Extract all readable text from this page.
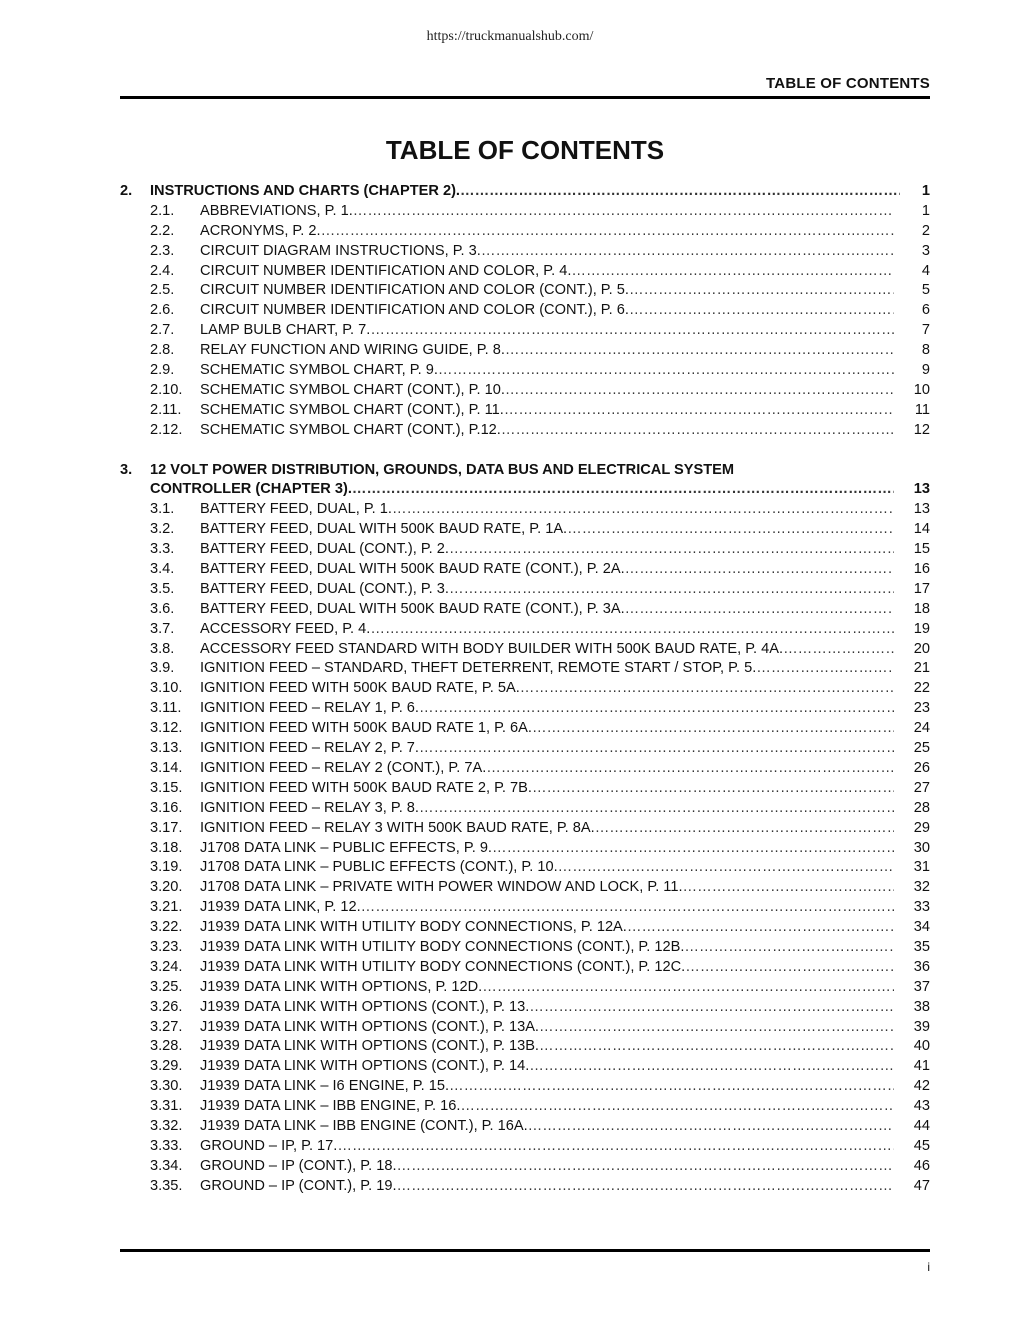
https://truckmanualshub.com/
TABLE OF CONTENTS
TABLE OF CONTENTS
2. INSTRUCTIONS AND CHARTS (CHAPTER 2). ………………………………………………………………………………………………………………………………………………………………………………………………………………………………………………………………………	1
2.1. ABBREVIATIONS, P. 1. ………………………………………………………………………………………………………………………………………………………………………………………………………………………………………………………………………	1
2.2. ACRONYMS, P. 2. ………………………………………………………………………………………………………………………………………………………………………………………………………………………………………………………………………	2
2.3. CIRCUIT DIAGRAM INSTRUCTIONS, P. 3. ………………………………………………………………………………………………………………………………………………………………………………………………………………………………………………………………………	3
2.4. CIRCUIT NUMBER IDENTIFICATION AND COLOR, P. 4. ………………………………………………………………………………………………………………………………………………………………………………………………………………………………………………………………………	4
2.5. CIRCUIT NUMBER IDENTIFICATION AND COLOR (CONT.), P. 5. ………………………………………………………………………………………………………………………………………………………………………………………………………………………………………………………………………	5
2.6. CIRCUIT NUMBER IDENTIFICATION AND COLOR (CONT.), P. 6. ………………………………………………………………………………………………………………………………………………………………………………………………………………………………………………………………………	6
2.7. LAMP BULB CHART, P. 7. ………………………………………………………………………………………………………………………………………………………………………………………………………………………………………………………………………	7
2.8. RELAY FUNCTION AND WIRING GUIDE, P. 8. ………………………………………………………………………………………………………………………………………………………………………………………………………………………………………………………………………	8
2.9. SCHEMATIC SYMBOL CHART, P. 9. ………………………………………………………………………………………………………………………………………………………………………………………………………………………………………………………………………	9
2.10. SCHEMATIC SYMBOL CHART (CONT.), P. 10. ………………………………………………………………………………………………………………………………………………………………………………………………………………………………………………………………………	10
2.11. SCHEMATIC SYMBOL CHART (CONT.), P. 11. ………………………………………………………………………………………………………………………………………………………………………………………………………………………………………………………………………	11
2.12. SCHEMATIC SYMBOL CHART (CONT.), P.12. ………………………………………………………………………………………………………………………………………………………………………………………………………………………………………………………………………	12
3. 12 VOLT POWER DISTRIBUTION, GROUNDS, DATA BUS AND ELECTRICAL SYSTEM
CONTROLLER (CHAPTER 3). ………………………………………………………………………………………………………………………………………………………………………………………………………………………………………………………………………	13
3.1. BATTERY FEED, DUAL, P. 1. ………………………………………………………………………………………………………………………………………………………………………………………………………………………………………………………………………	13
3.2. BATTERY FEED, DUAL WITH 500K BAUD RATE, P. 1A. ………………………………………………………………………………………………………………………………………………………………………………………………………………………………………………………………………	14
3.3. BATTERY FEED, DUAL (CONT.), P. 2. ………………………………………………………………………………………………………………………………………………………………………………………………………………………………………………………………………	15
3.4. BATTERY FEED, DUAL WITH 500K BAUD RATE (CONT.), P. 2A. ………………………………………………………………………………………………………………………………………………………………………………………………………………………………………………………………………	16
3.5. BATTERY FEED, DUAL (CONT.), P. 3. ………………………………………………………………………………………………………………………………………………………………………………………………………………………………………………………………………	17
3.6. BATTERY FEED, DUAL WITH 500K BAUD RATE (CONT.), P. 3A. ………………………………………………………………………………………………………………………………………………………………………………………………………………………………………………………………………	18
3.7. ACCESSORY FEED, P. 4. ………………………………………………………………………………………………………………………………………………………………………………………………………………………………………………………………………	19
3.8. ACCESSORY FEED STANDARD WITH BODY BUILDER WITH 500K BAUD RATE, P. 4A. ………………………………………………………………………………………………………………………………………………………………………………………………………………………………………………………………………	20
3.9. IGNITION FEED – STANDARD, THEFT DETERRENT, REMOTE START / STOP, P. 5. ………………………………………………………………………………………………………………………………………………………………………………………………………………………………………………………………………	21
3.10. IGNITION FEED WITH 500K BAUD RATE, P. 5A. ………………………………………………………………………………………………………………………………………………………………………………………………………………………………………………………………………	22
3.11. IGNITION FEED – RELAY 1, P. 6. ………………………………………………………………………………………………………………………………………………………………………………………………………………………………………………………………………	23
3.12. IGNITION FEED WITH 500K BAUD RATE 1, P. 6A. ………………………………………………………………………………………………………………………………………………………………………………………………………………………………………………………………………	24
3.13. IGNITION FEED – RELAY 2, P. 7. ………………………………………………………………………………………………………………………………………………………………………………………………………………………………………………………………………	25
3.14. IGNITION FEED – RELAY 2 (CONT.), P. 7A. ………………………………………………………………………………………………………………………………………………………………………………………………………………………………………………………………………	26
3.15. IGNITION FEED WITH 500K BAUD RATE 2, P. 7B. ………………………………………………………………………………………………………………………………………………………………………………………………………………………………………………………………………	27
3.16. IGNITION FEED – RELAY 3, P. 8. ………………………………………………………………………………………………………………………………………………………………………………………………………………………………………………………………………	28
3.17. IGNITION FEED – RELAY 3 WITH 500K BAUD RATE, P. 8A. ………………………………………………………………………………………………………………………………………………………………………………………………………………………………………………………………………	29
3.18. J1708 DATA LINK – PUBLIC EFFECTS, P. 9. ………………………………………………………………………………………………………………………………………………………………………………………………………………………………………………………………………	30
3.19. J1708 DATA LINK – PUBLIC EFFECTS (CONT.), P. 10. ………………………………………………………………………………………………………………………………………………………………………………………………………………………………………………………………………	31
3.20. J1708 DATA LINK – PRIVATE WITH POWER WINDOW AND LOCK, P. 11. ………………………………………………………………………………………………………………………………………………………………………………………………………………………………………………………………………	32
3.21. J1939 DATA LINK, P. 12. ………………………………………………………………………………………………………………………………………………………………………………………………………………………………………………………………………	33
3.22. J1939 DATA LINK WITH UTILITY BODY CONNECTIONS, P. 12A. ………………………………………………………………………………………………………………………………………………………………………………………………………………………………………………………………………	34
3.23. J1939 DATA LINK WITH UTILITY BODY CONNECTIONS (CONT.), P. 12B. ………………………………………………………………………………………………………………………………………………………………………………………………………………………………………………………………………	35
3.24. J1939 DATA LINK WITH UTILITY BODY CONNECTIONS (CONT.), P. 12C. ………………………………………………………………………………………………………………………………………………………………………………………………………………………………………………………………………	36
3.25. J1939 DATA LINK WITH OPTIONS, P. 12D. ………………………………………………………………………………………………………………………………………………………………………………………………………………………………………………………………………	37
3.26. J1939 DATA LINK WITH OPTIONS (CONT.), P. 13. ………………………………………………………………………………………………………………………………………………………………………………………………………………………………………………………………………	38
3.27. J1939 DATA LINK WITH OPTIONS (CONT.), P. 13A. ………………………………………………………………………………………………………………………………………………………………………………………………………………………………………………………………………	39
3.28. J1939 DATA LINK WITH OPTIONS (CONT.), P. 13B. ………………………………………………………………………………………………………………………………………………………………………………………………………………………………………………………………………	40
3.29. J1939 DATA LINK WITH OPTIONS (CONT.), P. 14. ………………………………………………………………………………………………………………………………………………………………………………………………………………………………………………………………………	41
3.30. J1939 DATA LINK – I6 ENGINE, P. 15. ………………………………………………………………………………………………………………………………………………………………………………………………………………………………………………………………………	42
3.31. J1939 DATA LINK – IBB ENGINE, P. 16. ………………………………………………………………………………………………………………………………………………………………………………………………………………………………………………………………………	43
3.32. J1939 DATA LINK – IBB ENGINE (CONT.), P. 16A. ………………………………………………………………………………………………………………………………………………………………………………………………………………………………………………………………………	44
3.33. GROUND – IP, P. 17. ………………………………………………………………………………………………………………………………………………………………………………………………………………………………………………………………………	45
3.34. GROUND – IP (CONT.), P. 18. ………………………………………………………………………………………………………………………………………………………………………………………………………………………………………………………………………	46
3.35. GROUND – IP (CONT.), P. 19. ………………………………………………………………………………………………………………………………………………………………………………………………………………………………………………………………………	47
i
